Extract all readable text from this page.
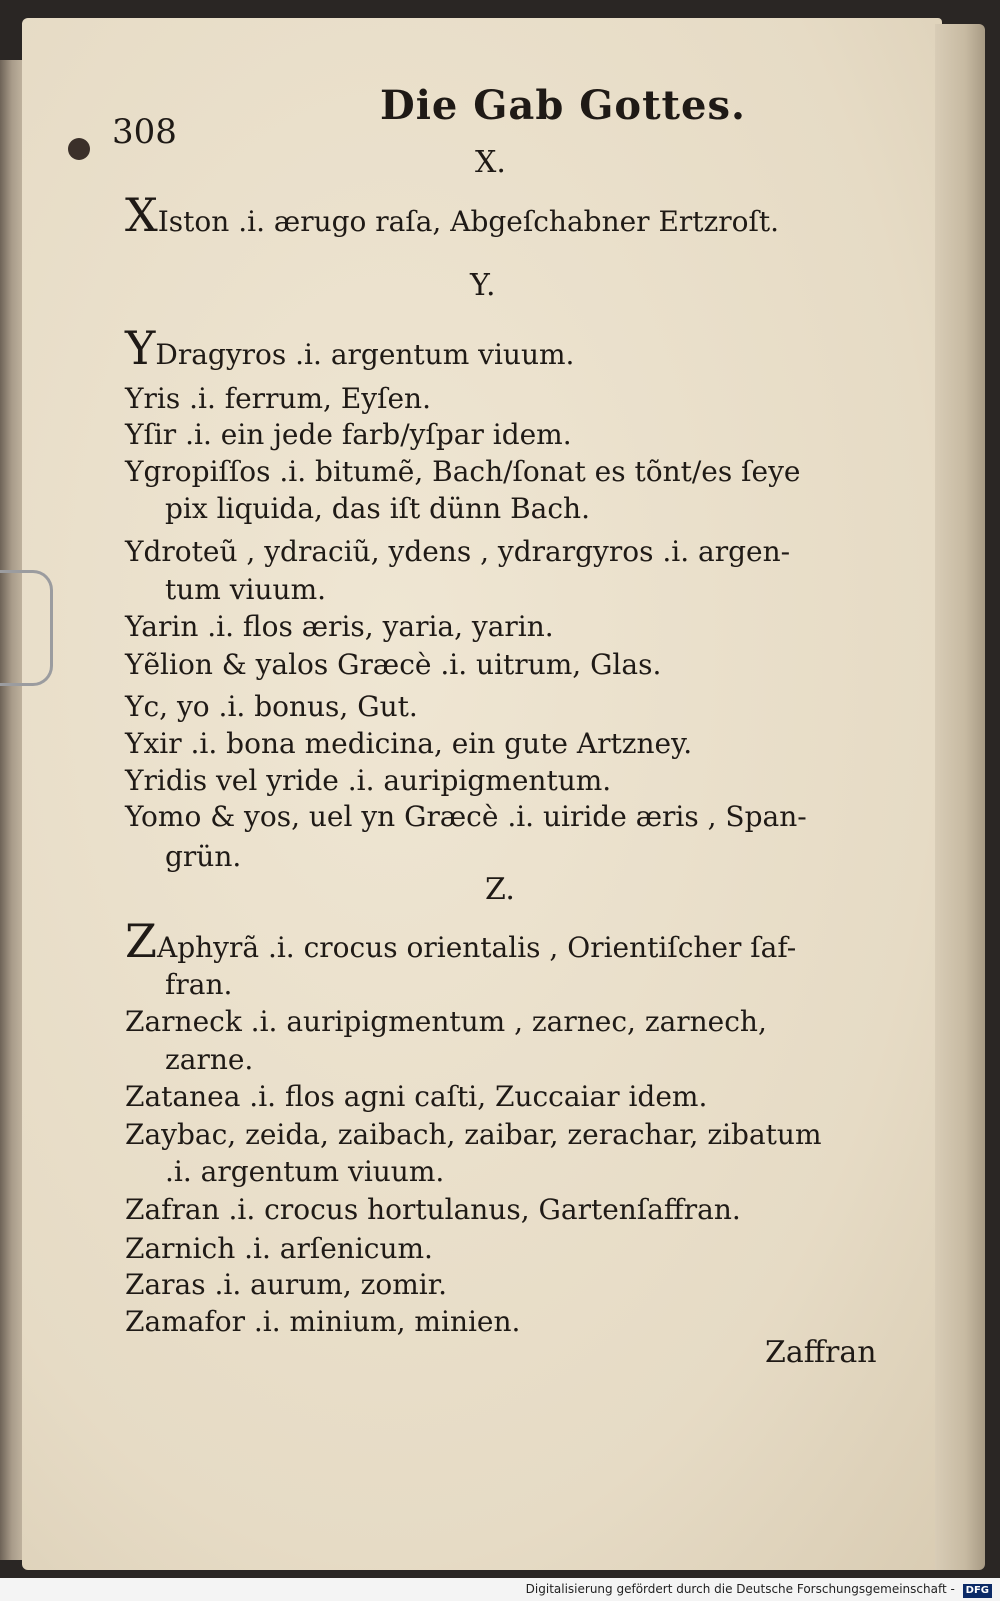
308
Die Gab Gottes.
X.
XIston .i. ærugo raſa, Abgeſchabner Ertzroſt.
Y.
YDragyros .i. argentum viuum.
Yris .i. ferrum, Eyſen.
Yſir .i. ein jede farb/yſpar idem.
Ygropiſſos .i. bitumẽ, Bach/ſonat es tõnt/es ſeye
pix liquida, das iſt dünn Bach.
Ydroteũ , ydraciũ, ydens , ydrargyros .i. argen-
tum viuum.
Yarin .i. flos æris, yaria, yarin.
Yẽlion & yalos Græcè .i. uitrum, Glas.
Yc, yo .i. bonus, Gut.
Yxir .i. bona medicina, ein gute Artzney.
Yridis vel yride .i. auripigmentum.
Yomo & yos, uel yn Græcè .i. uiride æris , Span-
grün.
Z.
ZAphyrã .i. crocus orientalis , Orientiſcher ſaf-
fran.
Zarneck .i. auripigmentum , zarnec, zarnech,
zarne.
Zatanea .i. flos agni caſti, Zuccaiar idem.
Zaybac, zeida, zaibach, zaibar, zerachar, zibatum
.i. argentum viuum.
Zafran .i. crocus hortulanus, Gartenſaffran.
Zarnich .i. arſenicum.
Zaras .i. aurum, zomir.
Zamafor .i. minium, minien.
Zaffran
Digitalisierung gefördert durch die Deutsche Forschungsgemeinschaft - DFG
